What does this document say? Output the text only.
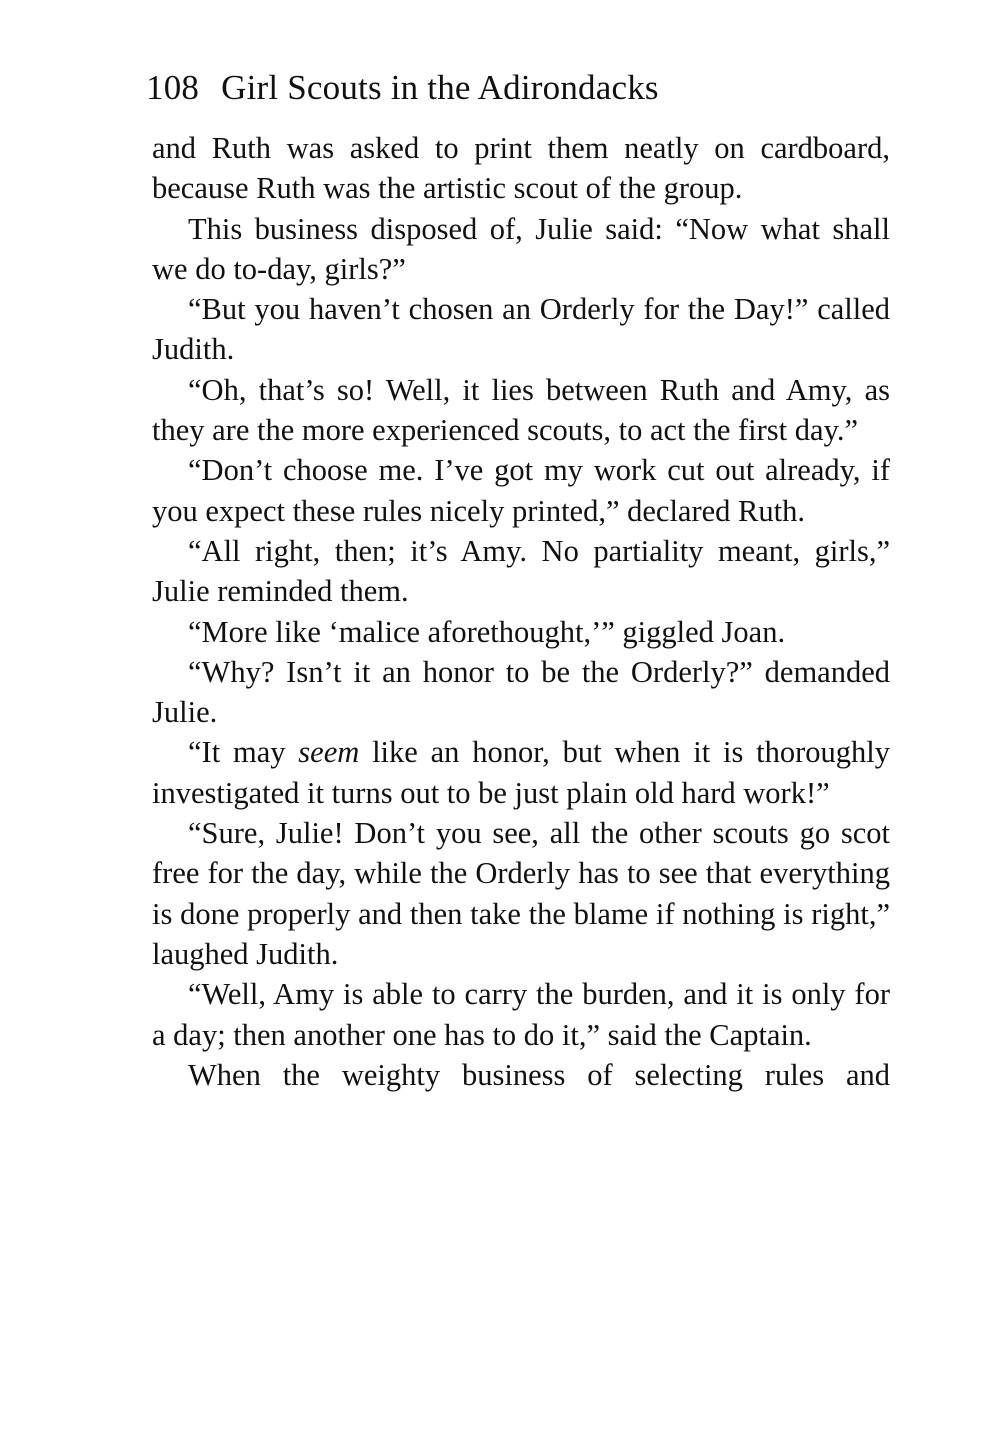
108 Girl Scouts in the Adirondacks

and Ruth was asked to print them neatly on cardboard, because Ruth was the artistic scout of the group.

This business disposed of, Julie said: “Now what shall we do to-day, girls?”

“But you haven’t chosen an Orderly for the Day!” called Judith.

“Oh, that’s so! Well, it lies between Ruth and Amy, as they are the more experienced scouts, to act the first day.”

“Don’t choose me. I’ve got my work cut out already, if you expect these rules nicely printed,” declared Ruth.

“All right, then; it’s Amy. No partiality meant, girls,” Julie reminded them.

“More like ‘malice aforethought,’” giggled Joan.

“Why? Isn’t it an honor to be the Orderly?” demanded Julie.

“It may seem like an honor, but when it is thoroughly investigated it turns out to be just plain old hard work!”

“Sure, Julie! Don’t you see, all the other scouts go scot free for the day, while the Orderly has to see that everything is done properly and then take the blame if nothing is right,” laughed Judith.

“Well, Amy is able to carry the burden, and it is only for a day; then another one has to do it,” said the Captain.

When the weighty business of selecting rules and
